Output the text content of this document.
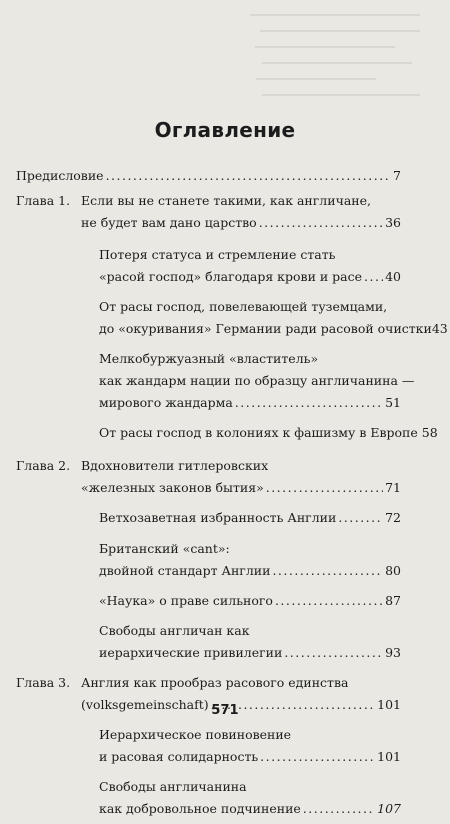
Оглавление
Предисловие .....	7
Глава 1. Если вы не станете такими, как англичане,
не будет вам дано царство .....	36
Потеря статуса и стремление стать
«расой господ» благодаря крови и расе ..... 40
От расы господ, повелевающей туземцами,
до «окуривания» Германии ради расовой очистки 43
Мелкобуржуазный «властитель»
как жандарм нации по образцу англичанина —
мирового жандарма .....	51
От расы господ в колониях к фашизму в Европе 58
Глава 2. Вдохновители гитлеровских
«железных законов бытия» .....	71
Ветхозаветная избранность Англии .....	72
Британский «cant»:
двойной стандарт Англии .....	80
«Наука» о праве сильного .....	87
Свободы англичан как
иерархические привилегии .....	93
Глава 3. Англия как прообраз расового единства
(volksgemeinschaft) .....	101
Иерархическое повиновение
и расовая солидарность .....	101
Свободы англичанина
как добровольное подчинение .....	107
571
